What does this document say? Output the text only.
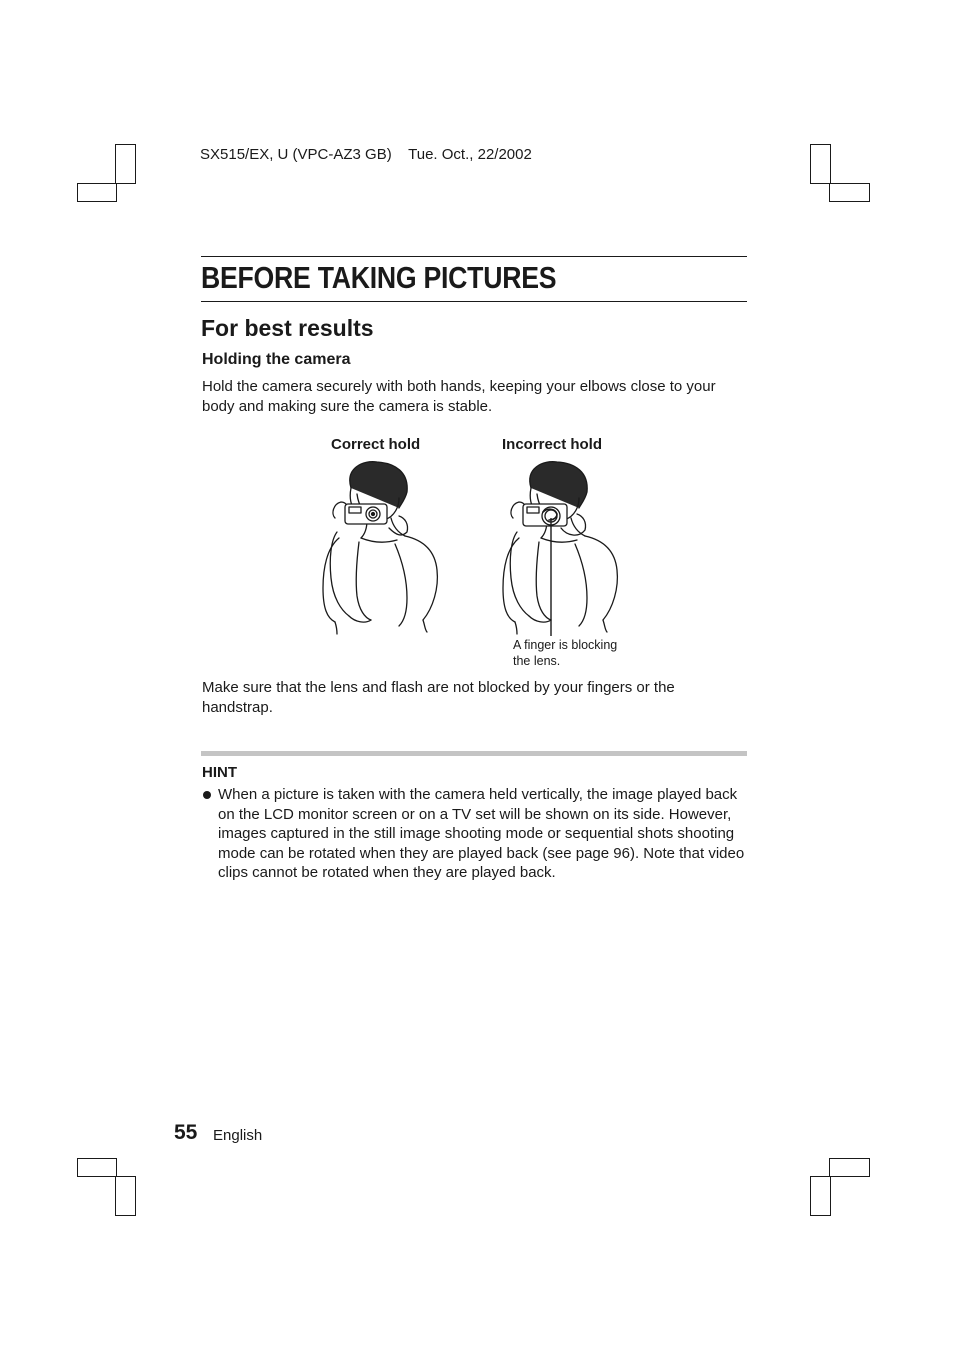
SX515/EX, U (VPC-AZ3 GB) Tue. Oct., 22/2002
BEFORE TAKING PICTURES
For best results
Holding the camera
Hold the camera securely with both hands, keeping your elbows close to your body and making sure the camera is stable.
Correct hold	Incorrect hold
A finger is blocking the lens.
Make sure that the lens and flash are not blocked by your fingers or the handstrap.
HINT
When a picture is taken with the camera held vertically, the image played back on the LCD monitor screen or on a TV set will be shown on its side. However, images captured in the still image shooting mode or sequential shots shooting mode can be rotated when they are played back (see page 96). Note that video clips cannot be rotated when they are played back.
55 English
